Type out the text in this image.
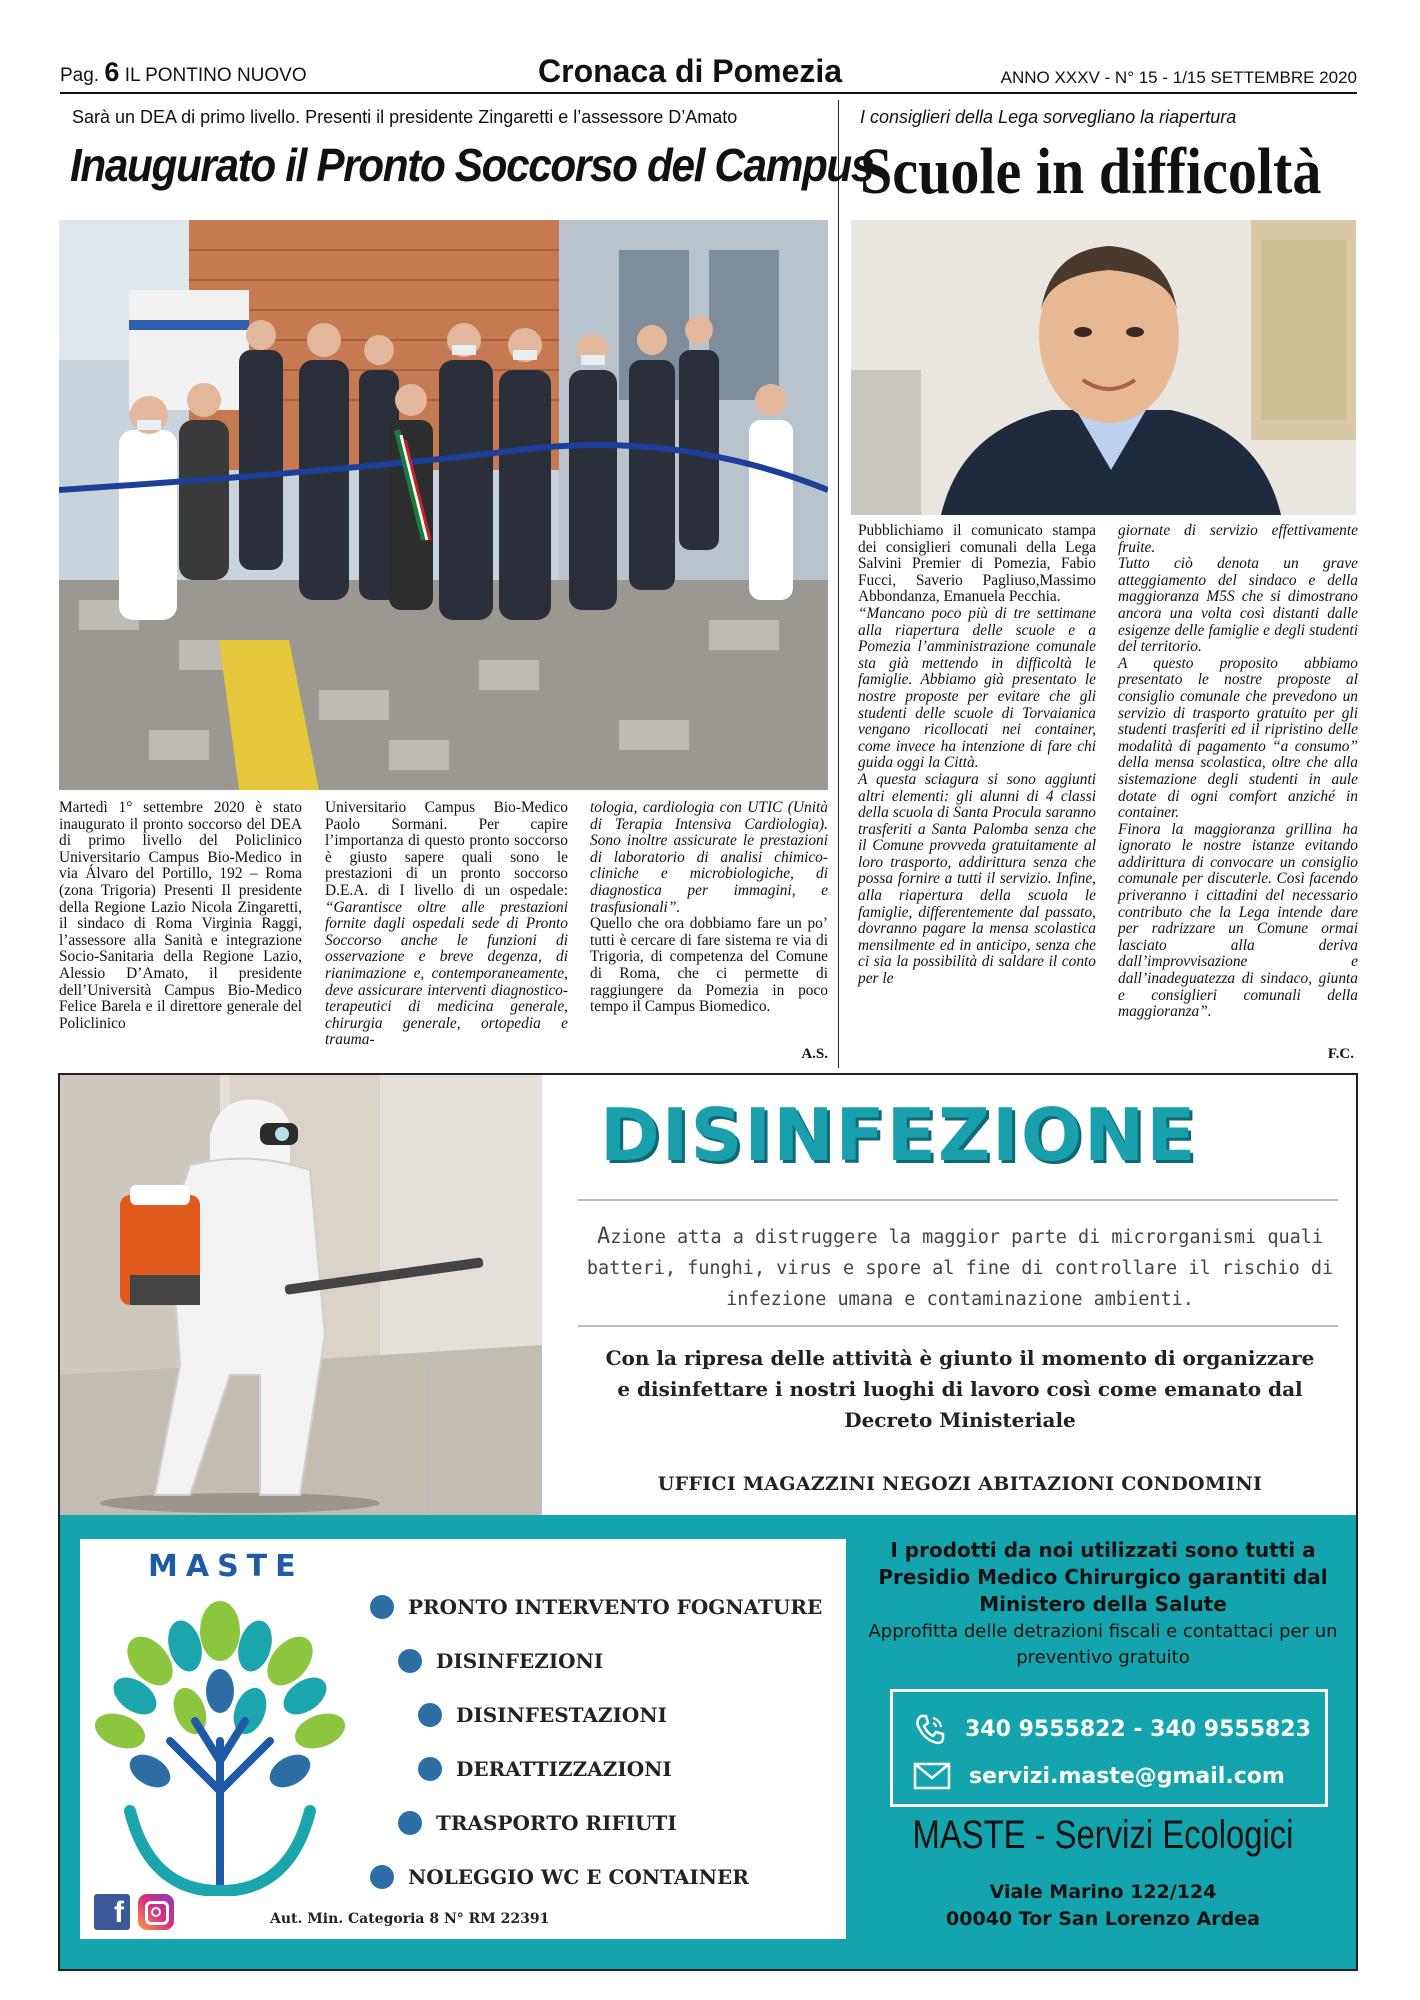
Pag. 6 IL PONTINO NUOVO	Cronaca di Pomezia	ANNO XXXV - N° 15 - 1/15 SETTEMBRE 2020
Sarà un DEA di primo livello. Presenti il presidente Zingaretti e l’assessore D’Amato
Inaugurato il Pronto Soccorso del Campus

Martedì 1° settembre 2020 è stato inaugurato il pronto soccorso del DEA di primo livello del Policlinico Universitario Campus Bio-Medico in via Álvaro del Portillo, 192 – Roma (zona Trigoria) Presenti Il presidente della Regione Lazio Nicola Zingaretti, il sindaco di Roma Virginia Raggi, l’assessore alla Sanità e integrazione Socio-Sanitaria della Regione Lazio, Alessio D’Amato, il presidente dell’Università Campus Bio-Medico Felice Barela e il direttore generale del Policlinico

Universitario Campus Bio-Medico Paolo Sormani. Per capire l’importanza di questo pronto soccorso è giusto sapere quali sono le prestazioni di un pronto soccorso D.E.A. di I livello di un ospedale: “Garantisce oltre alle prestazioni fornite dagli ospedali sede di Pronto Soccorso anche le funzioni di osservazione e breve degenza, di rianimazione e, contemporaneamente, deve assicurare interventi diagnostico-terapeutici di medicina generale, chirurgia generale, ortopedia e trauma-

tologia, cardiologia con UTIC (Unità di Terapia Intensiva Cardiologia). Sono inoltre assicurate le prestazioni di laboratorio di analisi chimico-cliniche e microbiologiche, di diagnostica per immagini, e trasfusionali”.

Quello che ora dobbiamo fare un po’ tutti è cercare di fare sistema re via di Trigoria, di competenza del Comune di Roma, che ci permette di raggiungere da Pomezia in poco tempo il Campus Biomedico.

A.S.
I consiglieri della Lega sorvegliano la riapertura
Scuole in difficoltà

Pubblichiamo il comunicato stampa dei consiglieri comunali della Lega Salvini Premier di Pomezia, Fabio Fucci, Saverio Pagliuso,Massimo Abbondanza, Emanuela Pecchia.

“Mancano poco più di tre settimane alla riapertura delle scuole e a Pomezia l’amministrazione comunale sta già mettendo in difficoltà le famiglie. Abbiamo già presentato le nostre proposte per evitare che gli studenti delle scuole di Torvaianica vengano ricollocati nei container, come invece ha intenzione di fare chi guida oggi la Città.

A questa sciagura si sono aggiunti altri elementi: gli alunni di 4 classi della scuola di Santa Procula saranno trasferiti a Santa Palomba senza che il Comune provveda gratuitamente al loro trasporto, addirittura senza che possa fornire a tutti il servizio. Infine, alla riapertura della scuola le famiglie, differentemente dal passato, dovranno pagare la mensa scolastica mensilmente ed in anticipo, senza che ci sia la possibilità di saldare il conto per le

giornate di servizio effettivamente fruite.

Tutto ciò denota un grave atteggiamento del sindaco e della maggioranza M5S che si dimostrano ancora una volta così distanti dalle esigenze delle famiglie e degli studenti del territorio.

A questo proposito abbiamo presentato le nostre proposte al consiglio comunale che prevedono un servizio di trasporto gratuito per gli studenti trasferiti ed il ripristino delle modalità di pagamento “a consumo” della mensa scolastica, oltre che alla sistemazione degli studenti in aule dotate di ogni comfort anziché in container.

Finora la maggioranza grillina ha ignorato le nostre istanze evitando addirittura di convocare un consiglio comunale per discuterle. Così facendo priveranno i cittadini del necessario contributo che la Lega intende dare per radrizzare un Comune ormai lasciato alla deriva dall’improvvisazione e dall’inadeguatezza di sindaco, giunta e consiglieri comunali della maggioranza”.

F.C.
DISINFEZIONE
Azione atta a distruggere la maggior parte di microrganismi quali batteri, funghi, virus e spore al fine di controllare il rischio di infezione umana e contaminazione ambienti.
Con la ripresa delle attività è giunto il momento di organizzare e disinfettare i nostri luoghi di lavoro così come emanato dal Decreto Ministeriale
UFFICI MAGAZZINI NEGOZI ABITAZIONI CONDOMINI
MASTE
PRONTO INTERVENTO FOGNATURE
DISINFEZIONI
DISINFESTAZIONI
DERATTIZZAZIONI
TRASPORTO RIFIUTI
NOLEGGIO WC E CONTAINER
f	Aut. Min. Categoria 8 N° RM 22391
I prodotti da noi utilizzati sono tutti a Presidio Medico Chirurgico garantiti dal Ministero della Salute
Approfitta delle detrazioni fiscali e contattaci per un preventivo gratuito
340 9555822 - 340 9555823
servizi.maste@gmail.com
MASTE - Servizi Ecologici
Viale Marino 122/124
00040 Tor San Lorenzo Ardea
